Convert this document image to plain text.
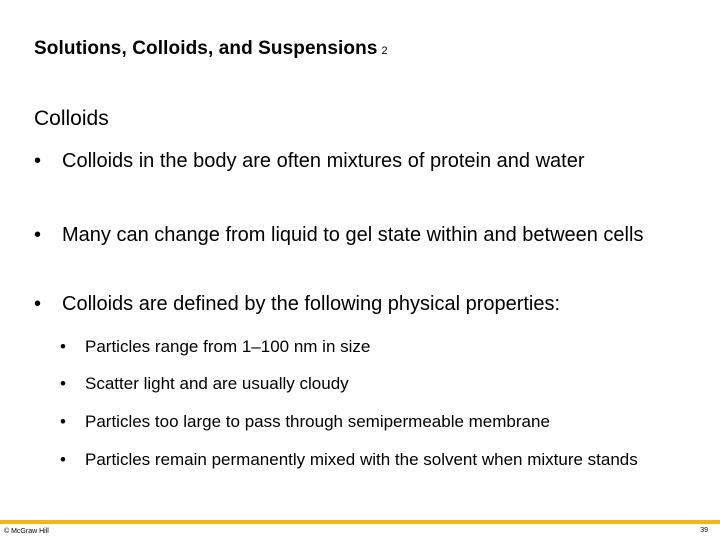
Solutions, Colloids, and Suspensions 2
Colloids
• Colloids in the body are often mixtures of protein and water
• Many can change from liquid to gel state within and between cells
• Colloids are defined by the following physical properties:
• Particles range from 1–100 nm in size
• Scatter light and are usually cloudy
• Particles too large to pass through semipermeable membrane
• Particles remain permanently mixed with the solvent when mixture stands
© McGraw Hill	39
